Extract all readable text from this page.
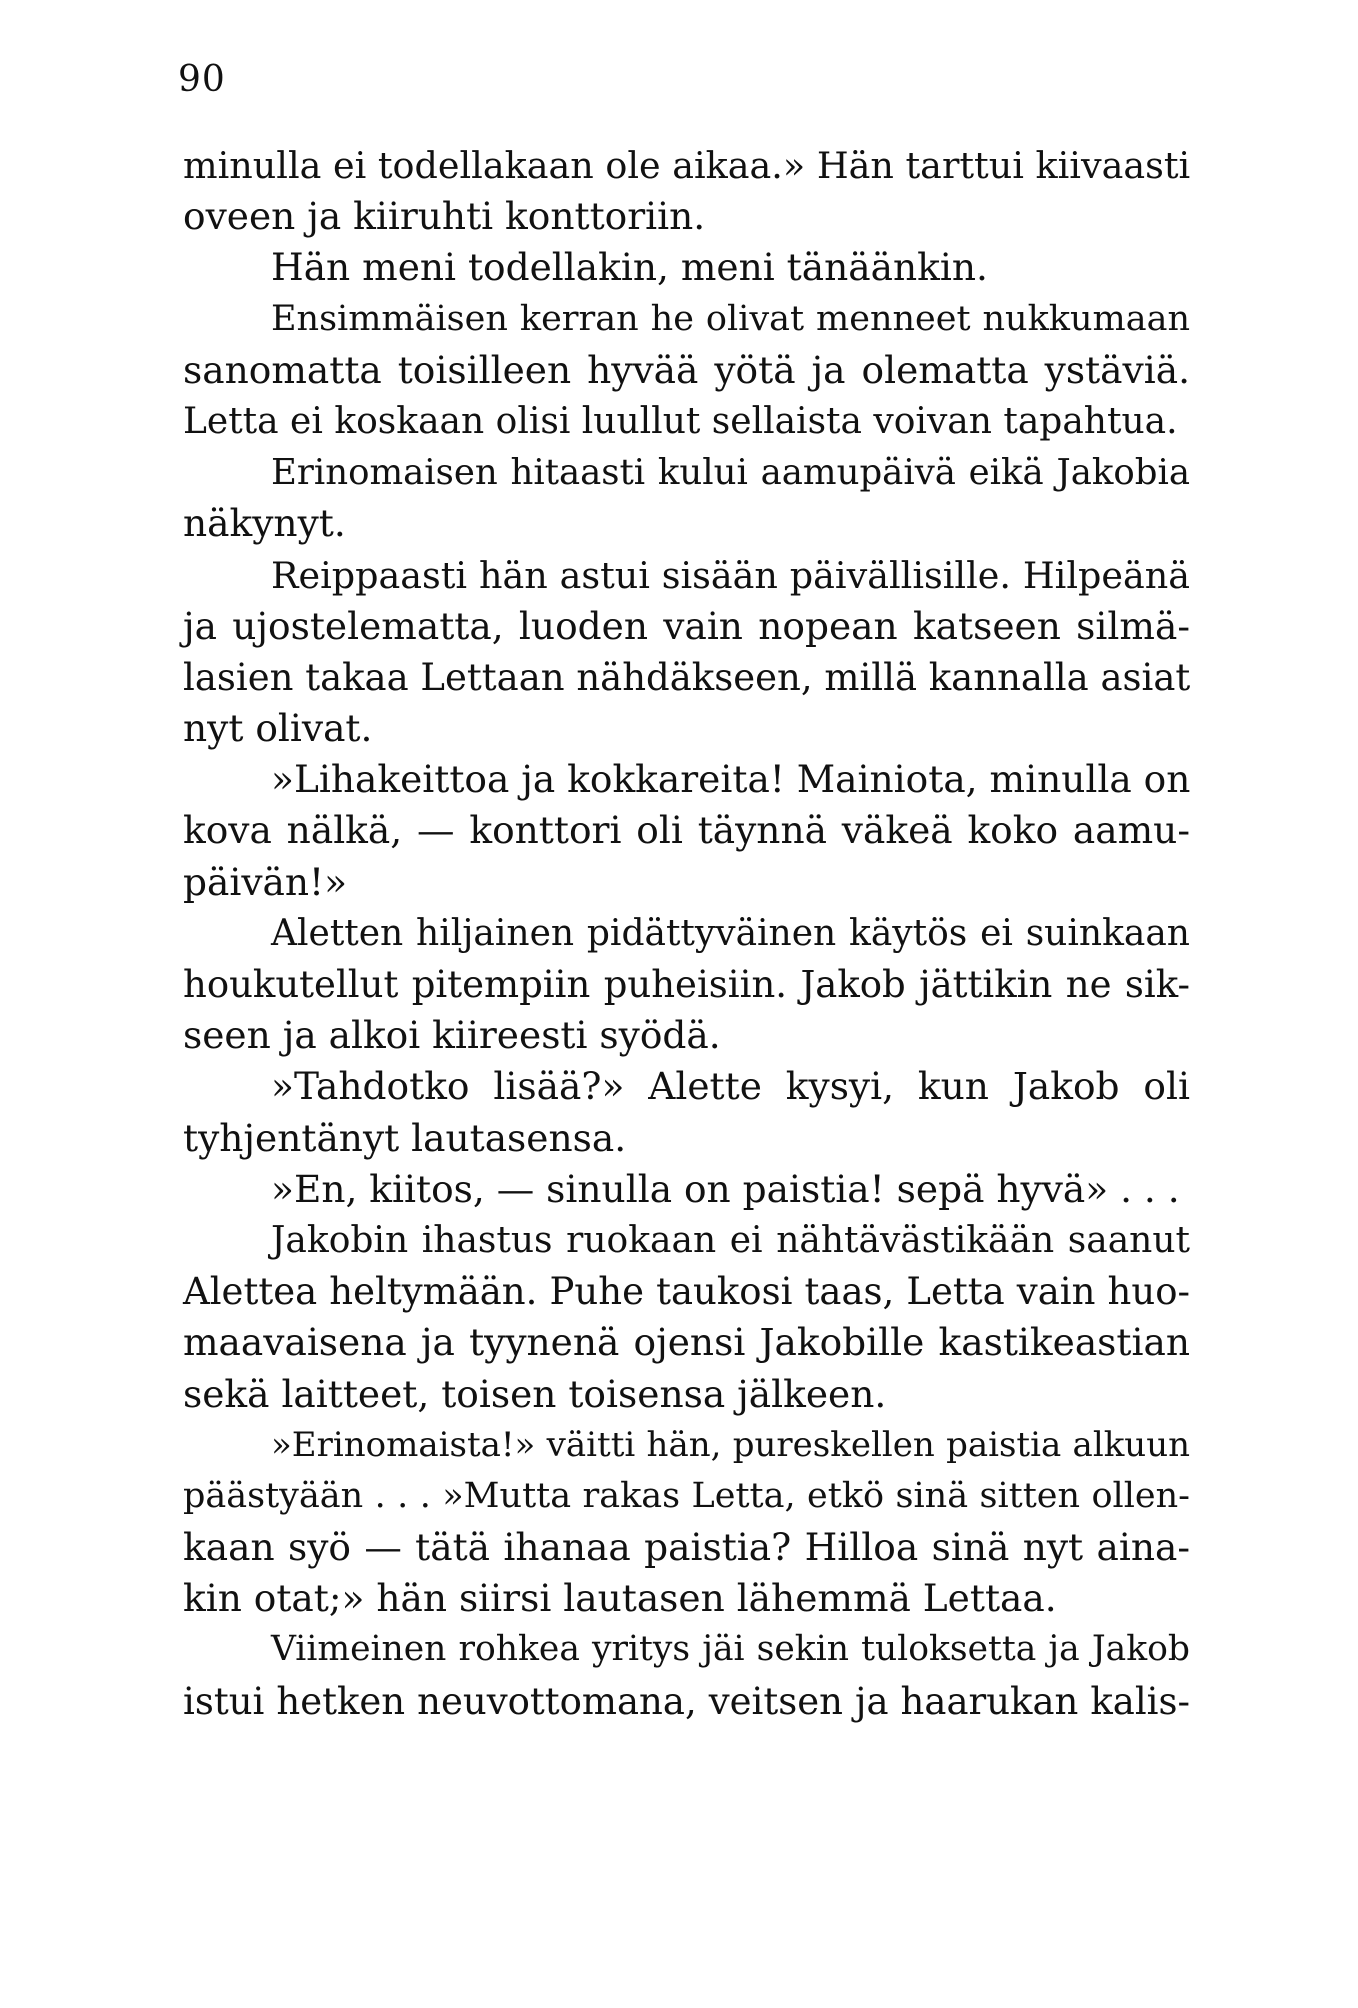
90
minulla ei todellakaan ole aikaa.» Hän tarttui kiivaasti
oveen ja kiiruhti konttoriin.
Hän meni todellakin, meni tänäänkin.
Ensimmäisen kerran he olivat menneet nukkumaan
sanomatta toisilleen hyvää yötä ja olematta ystäviä.
Letta ei koskaan olisi luullut sellaista voivan tapahtua.
Erinomaisen hitaasti kului aamupäivä eikä Jakobia
näkynyt.
Reippaasti hän astui sisään päivällisille. Hilpeänä
ja ujostelematta, luoden vain nopean katseen silmä-
lasien takaa Lettaan nähdäkseen, millä kannalla asiat
nyt olivat.
»Lihakeittoa ja kokkareita! Mainiota, minulla on
kova nälkä, — konttori oli täynnä väkeä koko aamu-
päivän!»
Aletten hiljainen pidättyväinen käytös ei suinkaan
houkutellut pitempiin puheisiin. Jakob jättikin ne sik-
seen ja alkoi kiireesti syödä.
»Tahdotko lisää?» Alette kysyi, kun Jakob oli
tyhjentänyt lautasensa.
»En, kiitos, — sinulla on paistia! sepä hyvä» . . .
Jakobin ihastus ruokaan ei nähtävästikään saanut
Alettea heltymään. Puhe taukosi taas, Letta vain huo-
maavaisena ja tyynenä ojensi Jakobille kastikeastian
sekä laitteet, toisen toisensa jälkeen.
»Erinomaista!» väitti hän, pureskellen paistia alkuun
päästyään . . . »Mutta rakas Letta, etkö sinä sitten ollen-
kaan syö — tätä ihanaa paistia? Hilloa sinä nyt aina-
kin otat;» hän siirsi lautasen lähemmä Lettaa.
Viimeinen rohkea yritys jäi sekin tuloksetta ja Jakob
istui hetken neuvottomana, veitsen ja haarukan kalis-
